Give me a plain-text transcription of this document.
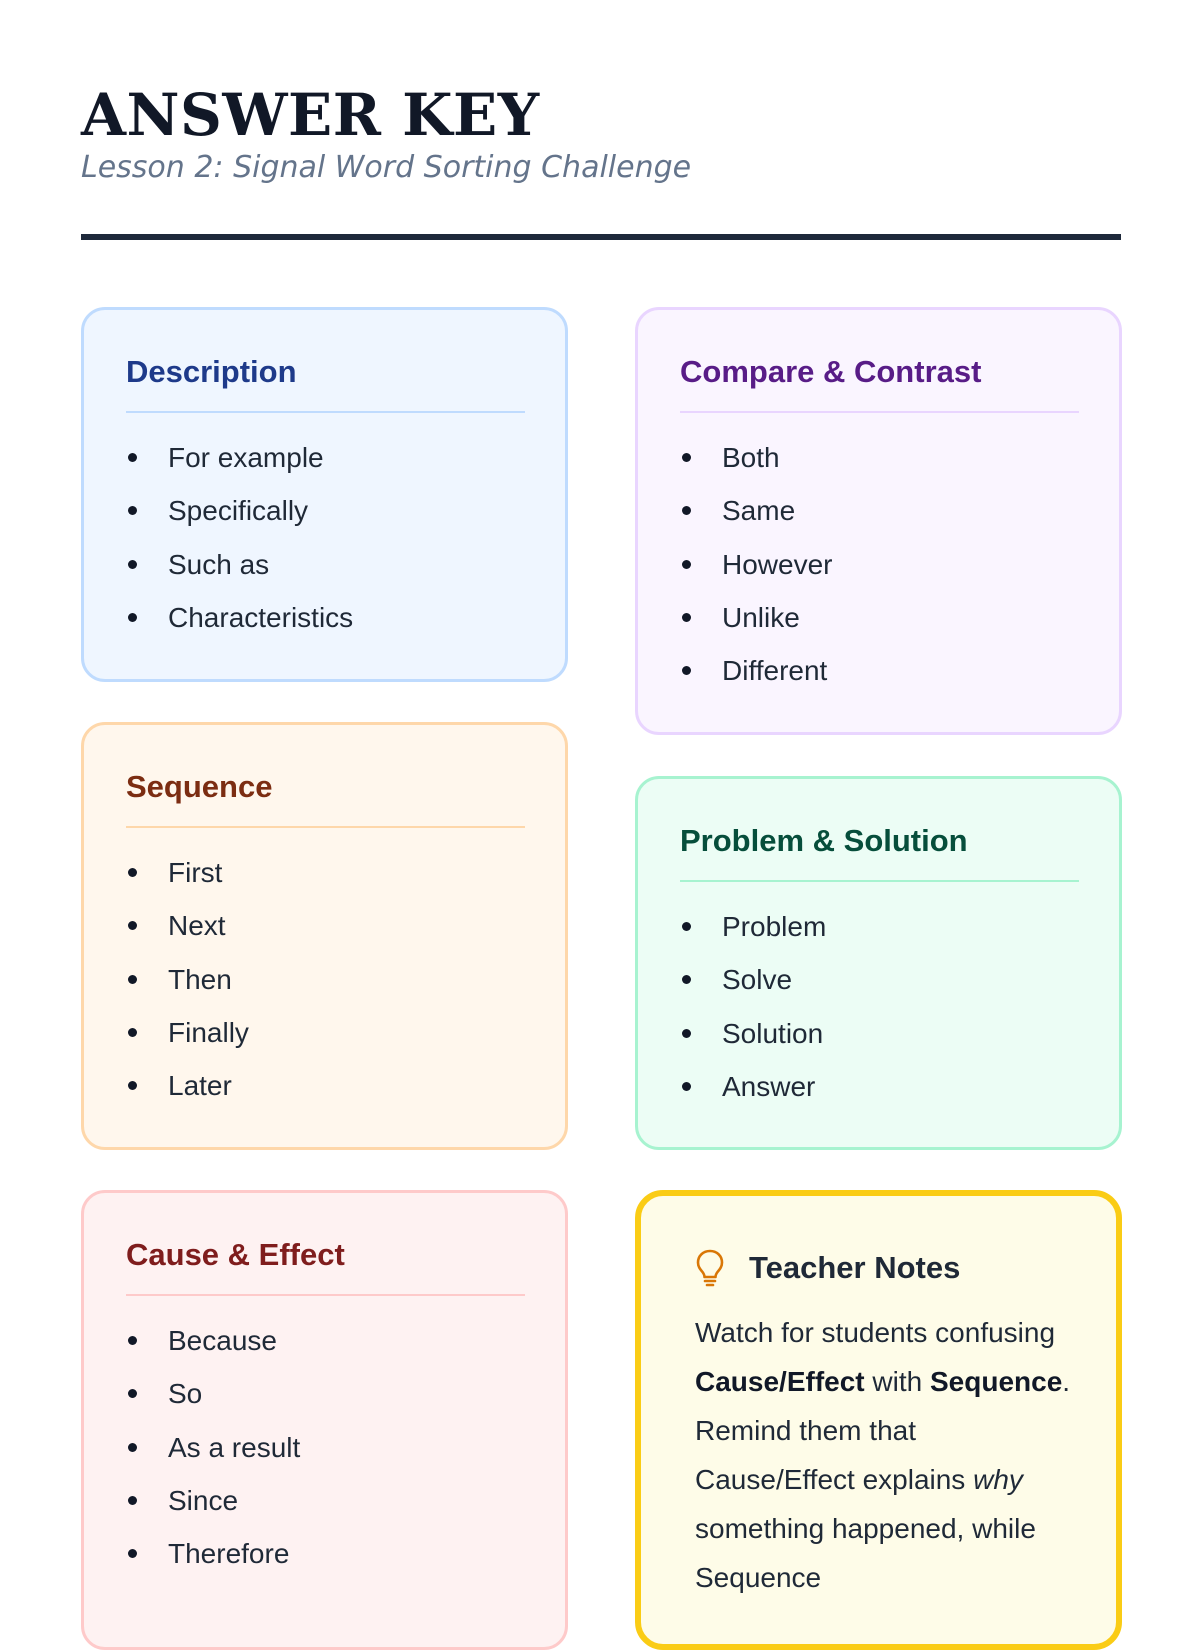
ANSWER KEY
Lesson 2: Signal Word Sorting Challenge
Description
For example
Specifically
Such as
Characteristics
Compare & Contrast
Both
Same
However
Unlike
Different
Sequence
First
Next
Then
Finally
Later
Problem & Solution
Problem
Solve
Solution
Answer
Cause & Effect
Because
So
As a result
Since
Therefore
Teacher Notes
Watch for students confusing Cause/Effect with Sequence. Remind them that Cause/Effect explains why something happened, while Sequence
